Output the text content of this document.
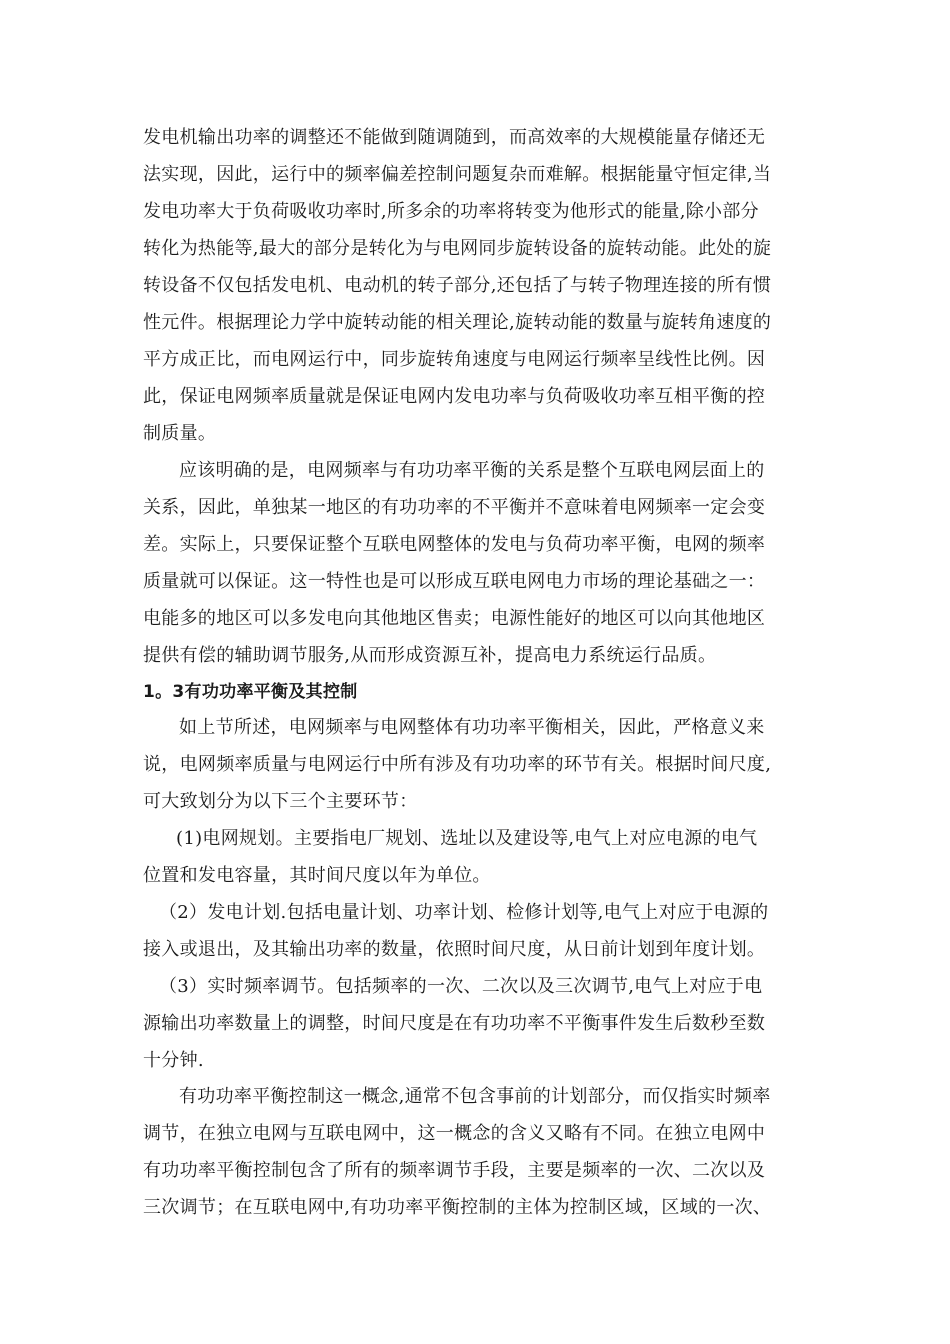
发电机输出功率的调整还不能做到随调随到，而高效率的大规模能量存储还无
法实现，因此，运行中的频率偏差控制问题复杂而难解。根据能量守恒定律,当
发电功率大于负荷吸收功率时,所多余的功率将转变为他形式的能量,除小部分
转化为热能等,最大的部分是转化为与电网同步旋转设备的旋转动能。此处的旋
转设备不仅包括发电机、电动机的转子部分,还包括了与转子物理连接的所有惯
性元件。根据理论力学中旋转动能的相关理论,旋转动能的数量与旋转角速度的
平方成正比，而电网运行中，同步旋转角速度与电网运行频率呈线性比例。因
此，保证电网频率质量就是保证电网内发电功率与负荷吸收功率互相平衡的控
制质量。
应该明确的是，电网频率与有功功率平衡的关系是整个互联电网层面上的
关系，因此，单独某一地区的有功功率的不平衡并不意味着电网频率一定会变
差。实际上，只要保证整个互联电网整体的发电与负荷功率平衡，电网的频率
质量就可以保证。这一特性也是可以形成互联电网电力市场的理论基础之一：
电能多的地区可以多发电向其他地区售卖；电源性能好的地区可以向其他地区
提供有偿的辅助调节服务,从而形成资源互补，提高电力系统运行品质。
1。3有功功率平衡及其控制
如上节所述，电网频率与电网整体有功功率平衡相关，因此，严格意义来
说，电网频率质量与电网运行中所有涉及有功功率的环节有关。根据时间尺度,
可大致划分为以下三个主要环节：
(1)电网规划。主要指电厂规划、选址以及建设等,电气上对应电源的电气
位置和发电容量，其时间尺度以年为单位。
（2）发电计划.包括电量计划、功率计划、检修计划等,电气上对应于电源的
接入或退出，及其输出功率的数量，依照时间尺度，从日前计划到年度计划。
（3）实时频率调节。包括频率的一次、二次以及三次调节,电气上对应于电
源输出功率数量上的调整，时间尺度是在有功功率不平衡事件发生后数秒至数
十分钟.
有功功率平衡控制这一概念,通常不包含事前的计划部分，而仅指实时频率
调节，在独立电网与互联电网中，这一概念的含义又略有不同。在独立电网中
有功功率平衡控制包含了所有的频率调节手段，主要是频率的一次、二次以及
三次调节；在互联电网中,有功功率平衡控制的主体为控制区域，区域的一次、
